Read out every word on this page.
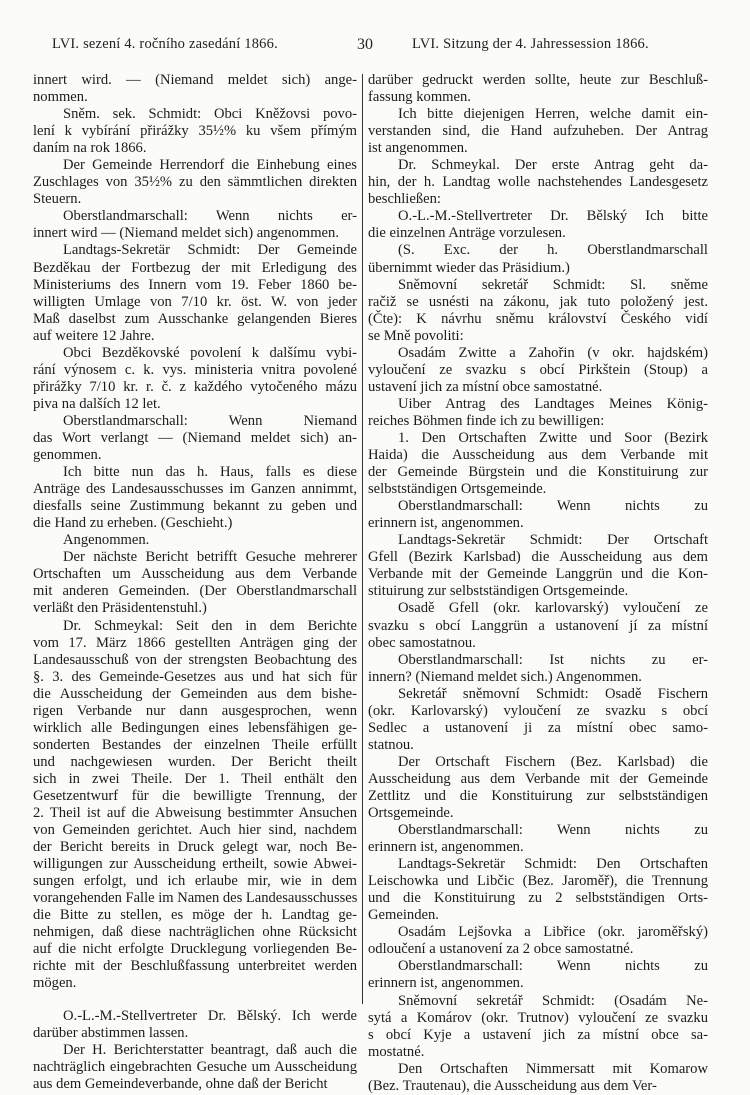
LVI. sezení 4. ročního zasedání 1866.	30	LVI. Sitzung der 4. Jahressession 1866.
innert wird. — (Niemand meldet sich) ange-
nommen.
Sněm. sek. Schmidt: Obci Kněžovsi povo-
lení k vybírání přirážky 35½% ku všem přímým
daním na rok 1866.
Der Gemeinde Herrendorf die Einhebung eines
Zuschlages von 35½% zu den sämmtlichen direkten
Steuern.
Oberstlandmarschall: Wenn nichts er-
innert wird — (Niemand meldet sich) angenommen.
Landtags-Sekretär Schmidt: Der Gemeinde
Bezděkau der Fortbezug der mit Erledigung des
Ministeriums des Innern vom 19. Feber 1860 be-
willigten Umlage von 7/10 kr. öst. W. von jeder
Maß daselbst zum Ausschanke gelangenden Bieres
auf weitere 12 Jahre.
Obci Bezděkovské povolení k dalšímu vybi-
rání výnosem c. k. vys. ministeria vnitra povolené
přirážky 7/10 kr. r. č. z každého vytočeného mázu
piva na dalších 12 let.
Oberstlandmarschall: Wenn Niemand
das Wort verlangt — (Niemand meldet sich) an-
genommen.
Ich bitte nun das h. Haus, falls es diese
Anträge des Landesausschusses im Ganzen annimmt,
diesfalls seine Zustimmung bekannt zu geben und
die Hand zu erheben. (Geschieht.)
Angenommen.
Der nächste Bericht betrifft Gesuche mehrerer
Ortschaften um Ausscheidung aus dem Verbande
mit anderen Gemeinden. (Der Oberstlandmarschall
verläßt den Präsidentenstuhl.)
Dr. Schmeykal: Seit den in dem Berichte
vom 17. März 1866 gestellten Anträgen ging der
Landesausschuß von der strengsten Beobachtung des
§. 3. des Gemeinde-Gesetzes aus und hat sich für
die Ausscheidung der Gemeinden aus dem bishe-
rigen Verbande nur dann ausgesprochen, wenn
wirklich alle Bedingungen eines lebensfähigen ge-
sonderten Bestandes der einzelnen Theile erfüllt
und nachgewiesen wurden. Der Bericht theilt
sich in zwei Theile. Der 1. Theil enthält den
Gesetzentwurf für die bewilligte Trennung, der
2. Theil ist auf die Abweisung bestimmter Ansuchen
von Gemeinden gerichtet. Auch hier sind, nachdem
der Bericht bereits in Druck gelegt war, noch Be-
willigungen zur Ausscheidung ertheilt, sowie Abwei-
sungen erfolgt, und ich erlaube mir, wie in dem
vorangehenden Falle im Namen des Landesausschusses
die Bitte zu stellen, es möge der h. Landtag ge-
nehmigen, daß diese nachträglichen ohne Rücksicht
auf die nicht erfolgte Drucklegung vorliegenden Be-
richte mit der Beschlußfassung unterbreitet werden
mögen.
O.-L.-M.-Stellvertreter Dr. Bělský. Ich werde
darüber abstimmen lassen.
Der H. Berichterstatter beantragt, daß auch die
nachträglich eingebrachten Gesuche um Ausscheidung
aus dem Gemeindeverbande, ohne daß der Bericht
darüber gedruckt werden sollte, heute zur Beschluß-
fassung kommen.
Ich bitte diejenigen Herren, welche damit ein-
verstanden sind, die Hand aufzuheben. Der Antrag
ist angenommen.
Dr. Schmeykal. Der erste Antrag geht da-
hin, der h. Landtag wolle nachstehendes Landesgesetz
beschließen:
O.-L.-M.-Stellvertreter Dr. Bělský Ich bitte
die einzelnen Anträge vorzulesen.
(S. Exc. der h. Oberstlandmarschall
übernimmt wieder das Präsidium.)
Sněmovní sekretář Schmidt: Sl. sněme
račiž se usnésti na zákonu, jak tuto položený jest.
(Čte): K návrhu sněmu království Českého vidí
se Mně povoliti:
Osadám Zwitte a Zahořin (v okr. hajdském)
vyloučení ze svazku s obcí Pirkštein (Stoup) a
ustavení jich za místní obce samostatné.
Uiber Antrag des Landtages Meines König-
reiches Böhmen finde ich zu bewilligen:
1. Den Ortschaften Zwitte und Soor (Bezirk
Haida) die Ausscheidung aus dem Verbande mit
der Gemeinde Bürgstein und die Konstituirung zur
selbstständigen Ortsgemeinde.
Oberstlandmarschall: Wenn nichts zu
erinnern ist, angenommen.
Landtags-Sekretär Schmidt: Der Ortschaft
Gfell (Bezirk Karlsbad) die Ausscheidung aus dem
Verbande mit der Gemeinde Langgrün und die Kon-
stituirung zur selbstständigen Ortsgemeinde.
Osadě Gfell (okr. karlovarský) vyloučení ze
svazku s obcí Langgrün a ustanovení jí za místní
obec samostatnou.
Oberstlandmarschall: Ist nichts zu er-
innern? (Niemand meldet sich.) Angenommen.
Sekretář sněmovní Schmidt: Osadě Fischern
(okr. Karlovarský) vyloučení ze svazku s obcí
Sedlec a ustanovení ji za místní obec samo-
statnou.
Der Ortschaft Fischern (Bez. Karlsbad) die
Ausscheidung aus dem Verbande mit der Gemeinde
Zettlitz und die Konstituirung zur selbstständigen
Ortsgemeinde.
Oberstlandmarschall: Wenn nichts zu
erinnern ist, angenommen.
Landtags-Sekretär Schmidt: Den Ortschaften
Leischowka und Libčic (Bez. Jaroměř), die Trennung
und die Konstituirung zu 2 selbstständigen Orts-
Gemeinden.
Osadám Lejšovka a Libřice (okr. jaroměřský)
odloučení a ustanovení za 2 obce samostatné.
Oberstlandmarschall: Wenn nichts zu
erinnern ist, angenommen.
Sněmovní sekretář Schmidt: (Osadám Ne-
sytá a Komárov (okr. Trutnov) vyloučení ze svazku
s obcí Kyje a ustavení jich za místní obce sa-
mostatné.
Den Ortschaften Nimmersatt mit Komarow
(Bez. Trautenau), die Ausscheidung aus dem Ver-
